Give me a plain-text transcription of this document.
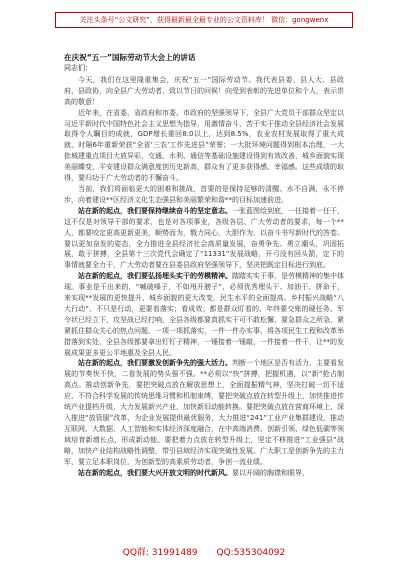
关注头条号“公文研究”，获得最新最全最专业的公文资料库！ 微信：gongwenx

在庆祝“五一”国际劳动节大会上的讲话

同志们：

今天，我们在这里隆重集会，庆祝“五一”国际劳动节。我代表县委、县人大、县政府、县政协，向全县广大劳动者，致以节日的问候！向受到表彰的先进单位和个人，表示崇高的敬意！

近年来，在省委、省政府和市委、市政府的坚强领导下，全县广大党员干部群众坚定以习近平新时代中国特色社会主义思想为指导，用激情奋斗，苦干实干推动全县经济社会发展取得令人瞩目的成就，GDP增长重回8.0以上，达到8.5%，农业农村发展取得了重大成就，时隔6年重新荣获“全省‘三农’工作先进县”荣誉；一大批环境问题得到根本治理，一大批城建重点项目大放异彩，交通、水利、通信等基础设施建设得到有效改善，城乡面貌实现美丽蝶变，平安建设群众满意度创历史新高，群众有了更多获得感、幸福感。这些成绩的取得，要归功于广大劳动者的不懈奋斗。

当前，我们将面临更大的困难和挑战，首要的是保持足够的清醒。水不自满，永不停步，向着建设**区经济文化生态强县和美丽繁荣和谐**的目标加速前进。

站在新的起点，我们要保持继续奋斗的坚定意志。一张蓝图绘到底，一任接着一任干，这不仅是对领导干部的要求，也是对各项事业，各级各层、广大劳动者的要求，每一个**人，都要咬定更高更新更美，顺势而为，戮力同心，大胆作为，以奋斗书写新时代的答卷。要以更加奋发的姿态，全力推进全县经济社会高质量发展，奋勇争先、勇立潮头，巩固拓展，敢于拼搏，全县第十三次党代会确定了“11331”发展战略，开弓没有回头箭，定下的事情就要全力干，广大劳动者要在县委县政府坚强领导下，坚决把既定目标进行到底。

站在新的起点，我们要弘扬埋头实干的劳模精神。踏踏实实干事，是劳模精神的集中体现。事业是干出来的，“喊破嗓子，不如甩开膀子”，必须优秀埋头干、加油干、拼命干，来实现**发展的更快提升、城乡面貌的更大改变，民生水平的全面提高。乡村振兴战略“八大行动”、不只是行动，更要看落实；看成效；都是群众盯看的、年终要交账的硬任务。军令状已经立下，攻坚战已经打响，全县各级都要真抓实干可不敢松懈，要急群众之所急，紧紧抓住群众关心的热点问题，一项一项抓落实，一件一件办实事，将各项民生工程和改革举措落到实处，全县各级都要拿出钉钉子精神，一锤接着一锤敲，一件接着一件干，让**的发展成果更多更公平地惠及全县人民。

站在新的起点，我们要激发创新争先的强大活力。判断一个地区是否有活力，主要看发展的节奏快不快，二看发展的势头强不强。**必须以“快”拼搏，把握机遇，以“新”抢占制高点。推动创新争先，要把突破点放在解放思想上，全面提振精气神，坚决打破一切不适应、不符合科学发展的传统思维习惯和机制束缚，要把突破点放在转型升级上，加快推进传统产业提档升级，大力发展新兴产业，加快新旧动能转换。要把突破点放在营商环境上，深入推进“放管服”改革，为企业发展提供最优服务，大力推进“241”工业产业集群建设，推动互联网、大数据、人工智能和实体经济深度融合，在中高端消费、创新引领、绿色低碳等领域培育新增长点，形成新动能。要把着力点放在转型升级上，坚定不移推进“工业强县”战略，加快产业结构战略性调整，带引县域经济实现突破性发展。广大职工是创新争先的主力军，要立足本职岗位，为创新型的高素质劳动者，争创一流业绩。

站在新的起点，我们要大兴开放文明的时代新风。要以开阔的胸襟和眼界，

QQ群: 31991489 QQ:535304092
